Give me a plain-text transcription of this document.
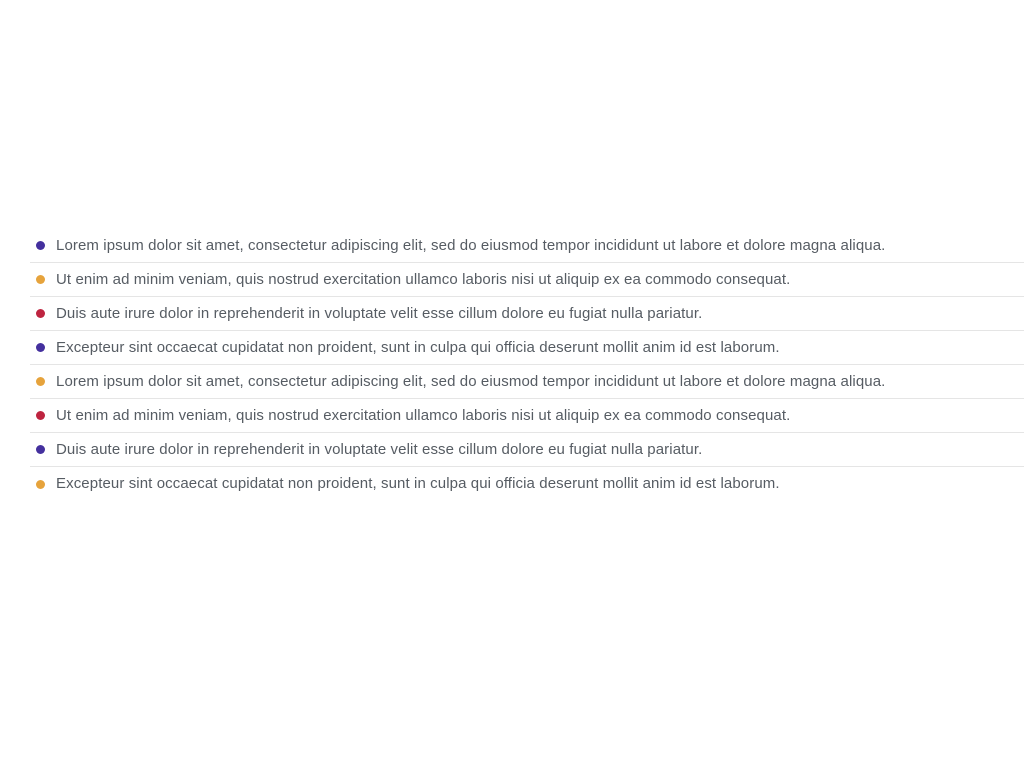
Lorem ipsum dolor sit amet, consectetur adipiscing elit, sed do eiusmod tempor incididunt ut labore et dolore magna aliqua.
Ut enim ad minim veniam, quis nostrud exercitation ullamco laboris nisi ut aliquip ex ea commodo consequat.
Duis aute irure dolor in reprehenderit in voluptate velit esse cillum dolore eu fugiat nulla pariatur.
Excepteur sint occaecat cupidatat non proident, sunt in culpa qui officia deserunt mollit anim id est laborum.
Lorem ipsum dolor sit amet, consectetur adipiscing elit, sed do eiusmod tempor incididunt ut labore et dolore magna aliqua.
Ut enim ad minim veniam, quis nostrud exercitation ullamco laboris nisi ut aliquip ex ea commodo consequat.
Duis aute irure dolor in reprehenderit in voluptate velit esse cillum dolore eu fugiat nulla pariatur.
Excepteur sint occaecat cupidatat non proident, sunt in culpa qui officia deserunt mollit anim id est laborum.
